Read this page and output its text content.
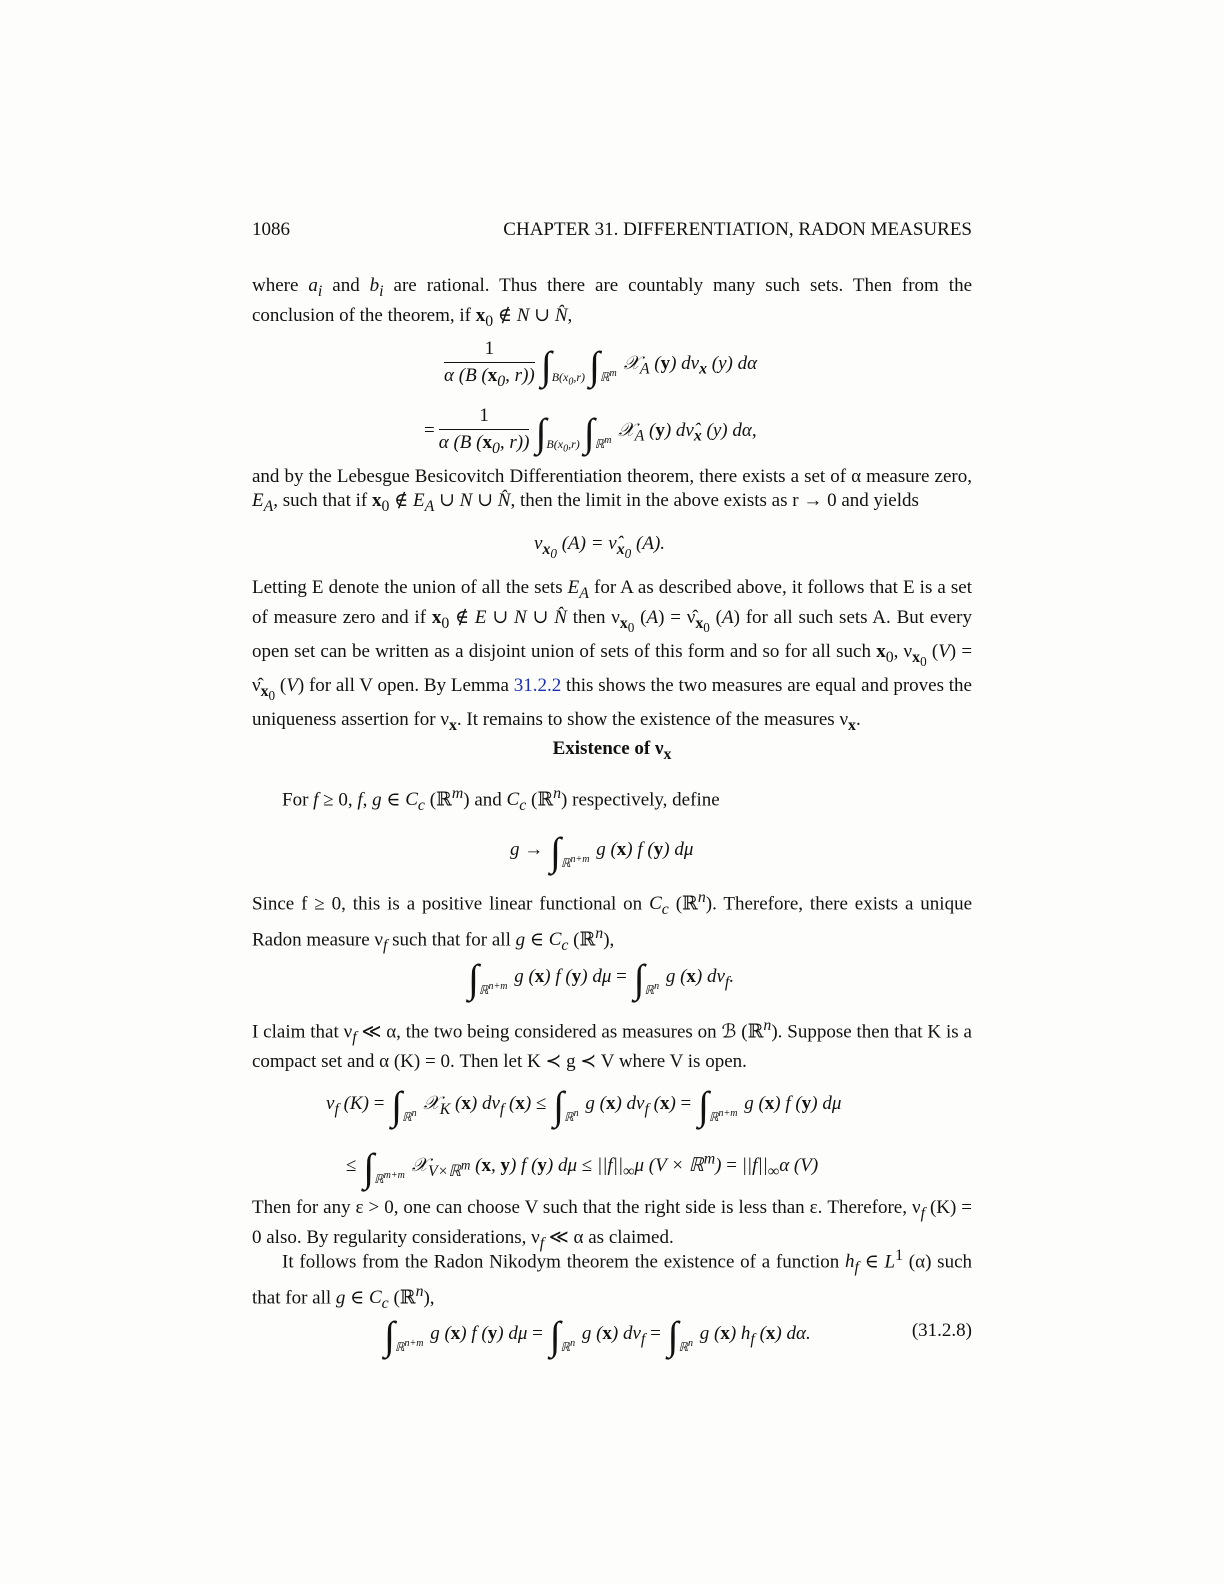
1086	CHAPTER 31. DIFFERENTIATION, RADON MEASURES
where $a_i$ and $b_i$ are rational. Thus there are countably many such sets. Then from the conclusion of the theorem, if $x_0$ ∉ N ∪ N̂,
$\frac{1}{\alpha (B (x_0, r))} \int_{B(x_0,r)}$ $\int_{ℝ^m}$ 𝒳$_A$ (y) $d\nu_x$ (y) dα
= $\frac{1}{\alpha (B (x_0, r))} \int_{B(x_0,r)}$ $\int_{ℝ^m}$ 𝒳$_A$ (y) $d\nû_x$ (y) dα,
and by the Lebesgue Besicovitch Differentiation theorem, there exists a set of α measure zero, $E_A$, such that if $x_0$ ∉ $E_A$ ∪ N ∪ N̂, then the limit in the above exists as r → 0 and yields
$\nu_{x_0}$ $(A) = \nû_{x_0}$ (A).
Letting E denote the union of all the sets $E_A$ for A as described above, it follows that E is a set of measure zero and if $x_0$ ∉ E ∪ N ∪ N̂ then $\nu_{x_0}$ $(A) = \nû_{x_0}$ (A) for all such sets A. But every open set can be written as a disjoint union of sets of this form and so for all such $x_0$, $\nu_{x_0}$ $(V) = \nû_{x_0}$ (V) for all V open. By Lemma 31.2.2 this shows the two measures are equal and proves the uniqueness assertion for $\nu_x$. It remains to show the existence of the measures $\nu_x$.
Existence of $\nu_x$
For f ≥ 0, f, g ∈ $C_c$ (ℝ$^m$) and $C_c$ (ℝ$^n$) respectively, define
$g \to \int_{ℝ^{n+m}}$ g (x) f (y) dμ
Since f ≥ 0, this is a positive linear functional on $C_c$ (ℝ$^n$). Therefore, there exists a unique Radon measure $\nu_f$ such that for all g ∈ $C_c$ (ℝ$^n$),
$\int_{ℝ^{n+m}}$ g (x) f (y) $d\mu = \int_{ℝ^n}$ g (x) $d\nu_f$.
I claim that $\nu_f$ ≪ α, the two being considered as measures on ℬ (ℝ$^n$). Suppose then that K is a compact set and α (K) = 0. Then let K ≺ g ≺ V where V is open.
$\nu_f$ $(K) = \int_{ℝ^n}$ 𝒳$_K$ (x) $d\nu_f$ $(x) \le \int_{ℝ^n}$ g (x) $d\nu_f$ $(x) = \int_{ℝ^{n+m}}$ g (x) f (y) dμ
≤ $\int_{ℝ^{m+m}}$ 𝒳$_{V\times ℝ^m}$ (x, y) f (y) $d\mu \le ||f||_\infty\mu$ (V × ℝ$^m$) = $||f||_\infty\alpha$ (V)
Then for any ε > 0, one can choose V such that the right side is less than ε. Therefore, $\nu_f$ (K) = 0 also. By regularity considerations, $\nu_f$ ≪ α as claimed.
It follows from the Radon Nikodym theorem the existence of a function $h_f$ ∈ $L^1$ (α) such that for all g ∈ $C_c$ (ℝ$^n$),
$\int_{ℝ^{n+m}}$ g (x) f (y) $d\mu = \int_{ℝ^n}$ g (x) $d\nu_f = \int_{ℝ^n}$ g (x) $h_f$ (x) dα.	(31.2.8)
